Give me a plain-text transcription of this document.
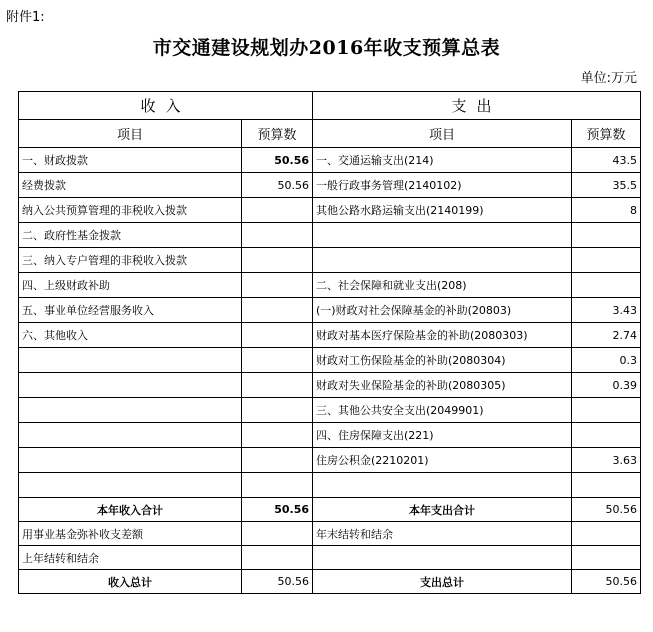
附件1:
市交通建设规划办2016年收支预算总表
单位:万元
收入		支出	
项目	预算数	项目	预算数
一、财政拨款	50.56	一、交通运输支出(214)	43.5
经费拨款	50.56	一般行政事务管理(2140102)	35.5
纳入公共预算管理的非税收入拨款		其他公路水路运输支出(2140199)	8
二、政府性基金拨款			
三、纳入专户管理的非税收入拨款			
四、上级财政补助		二、社会保障和就业支出(208)	
五、事业单位经营服务收入		(一)财政对社会保障基金的补助(20803)	3.43
六、其他收入		财政对基本医疗保险基金的补助(2080303)	2.74
		财政对工伤保险基金的补助(2080304)	0.3
		财政对失业保险基金的补助(2080305)	0.39
		三、其他公共安全支出(2049901)	
		四、住房保障支出(221)	
		住房公积金(2210201)	3.63

本年收入合计	50.56	本年支出合计	50.56
用事业基金弥补收支差额		年末结转和结余	
上年结转和结余			
收入总计	50.56	支出总计	50.56
